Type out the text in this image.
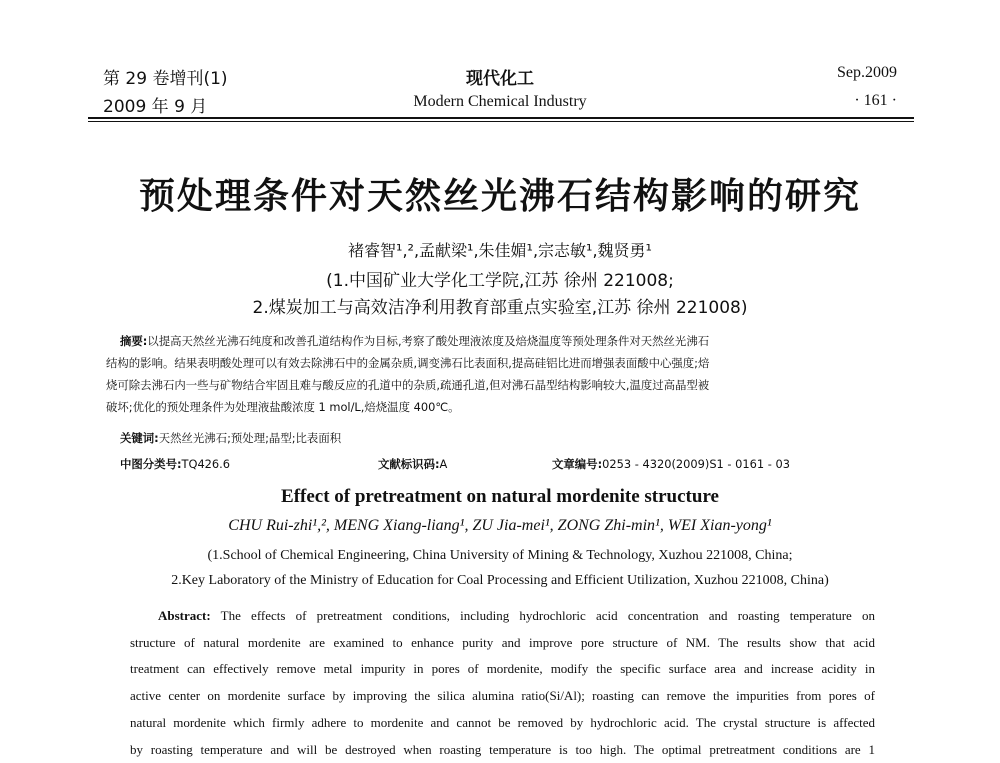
第 29 卷增刊(1)
2009 年 9 月
现代化工
Modern Chemical Industry
Sep.2009
· 161 ·
预处理条件对天然丝光沸石结构影响的研究
褚睿智¹,²,孟献梁¹,朱佳媚¹,宗志敏¹,魏贤勇¹
(1.中国矿业大学化工学院,江苏 徐州 221008;
2.煤炭加工与高效洁净利用教育部重点实验室,江苏 徐州 221008)
摘要:以提高天然丝光沸石纯度和改善孔道结构作为目标,考察了酸处理液浓度及焙烧温度等预处理条件对天然丝光沸石
结构的影响。结果表明酸处理可以有效去除沸石中的金属杂质,调变沸石比表面积,提高硅铝比进而增强表面酸中心强度;焙
烧可除去沸石内一些与矿物结合牢固且难与酸反应的孔道中的杂质,疏通孔道,但对沸石晶型结构影响较大,温度过高晶型被
破坏;优化的预处理条件为处理液盐酸浓度 1 mol/L,焙烧温度 400℃。
关键词:天然丝光沸石;预处理;晶型;比表面积
中图分类号:TQ426.6	文献标识码:A	文章编号:0253 - 4320(2009)S1 - 0161 - 03
Effect of pretreatment on natural mordenite structure
CHU Rui-zhi¹,², MENG Xiang-liang¹, ZU Jia-mei¹, ZONG Zhi-min¹, WEI Xian-yong¹
(1.School of Chemical Engineering, China University of Mining & Technology, Xuzhou 221008, China;
2.Key Laboratory of the Ministry of Education for Coal Processing and Efficient Utilization, Xuzhou 221008, China)
Abstract: The effects of pretreatment conditions, including hydrochloric acid concentration and roasting temperature on
structure of natural mordenite are examined to enhance purity and improve pore structure of NM. The results show that acid
treatment can effectively remove metal impurity in pores of mordenite, modify the specific surface area and increase acidity in
active center on mordenite surface by improving the silica alumina ratio(Si/Al); roasting can remove the impurities from pores of
natural mordenite which firmly adhere to mordenite and cannot be removed by hydrochloric acid. The crystal structure is affected
by roasting temperature and will be destroyed when roasting temperature is too high. The optimal pretreatment conditions are 1
